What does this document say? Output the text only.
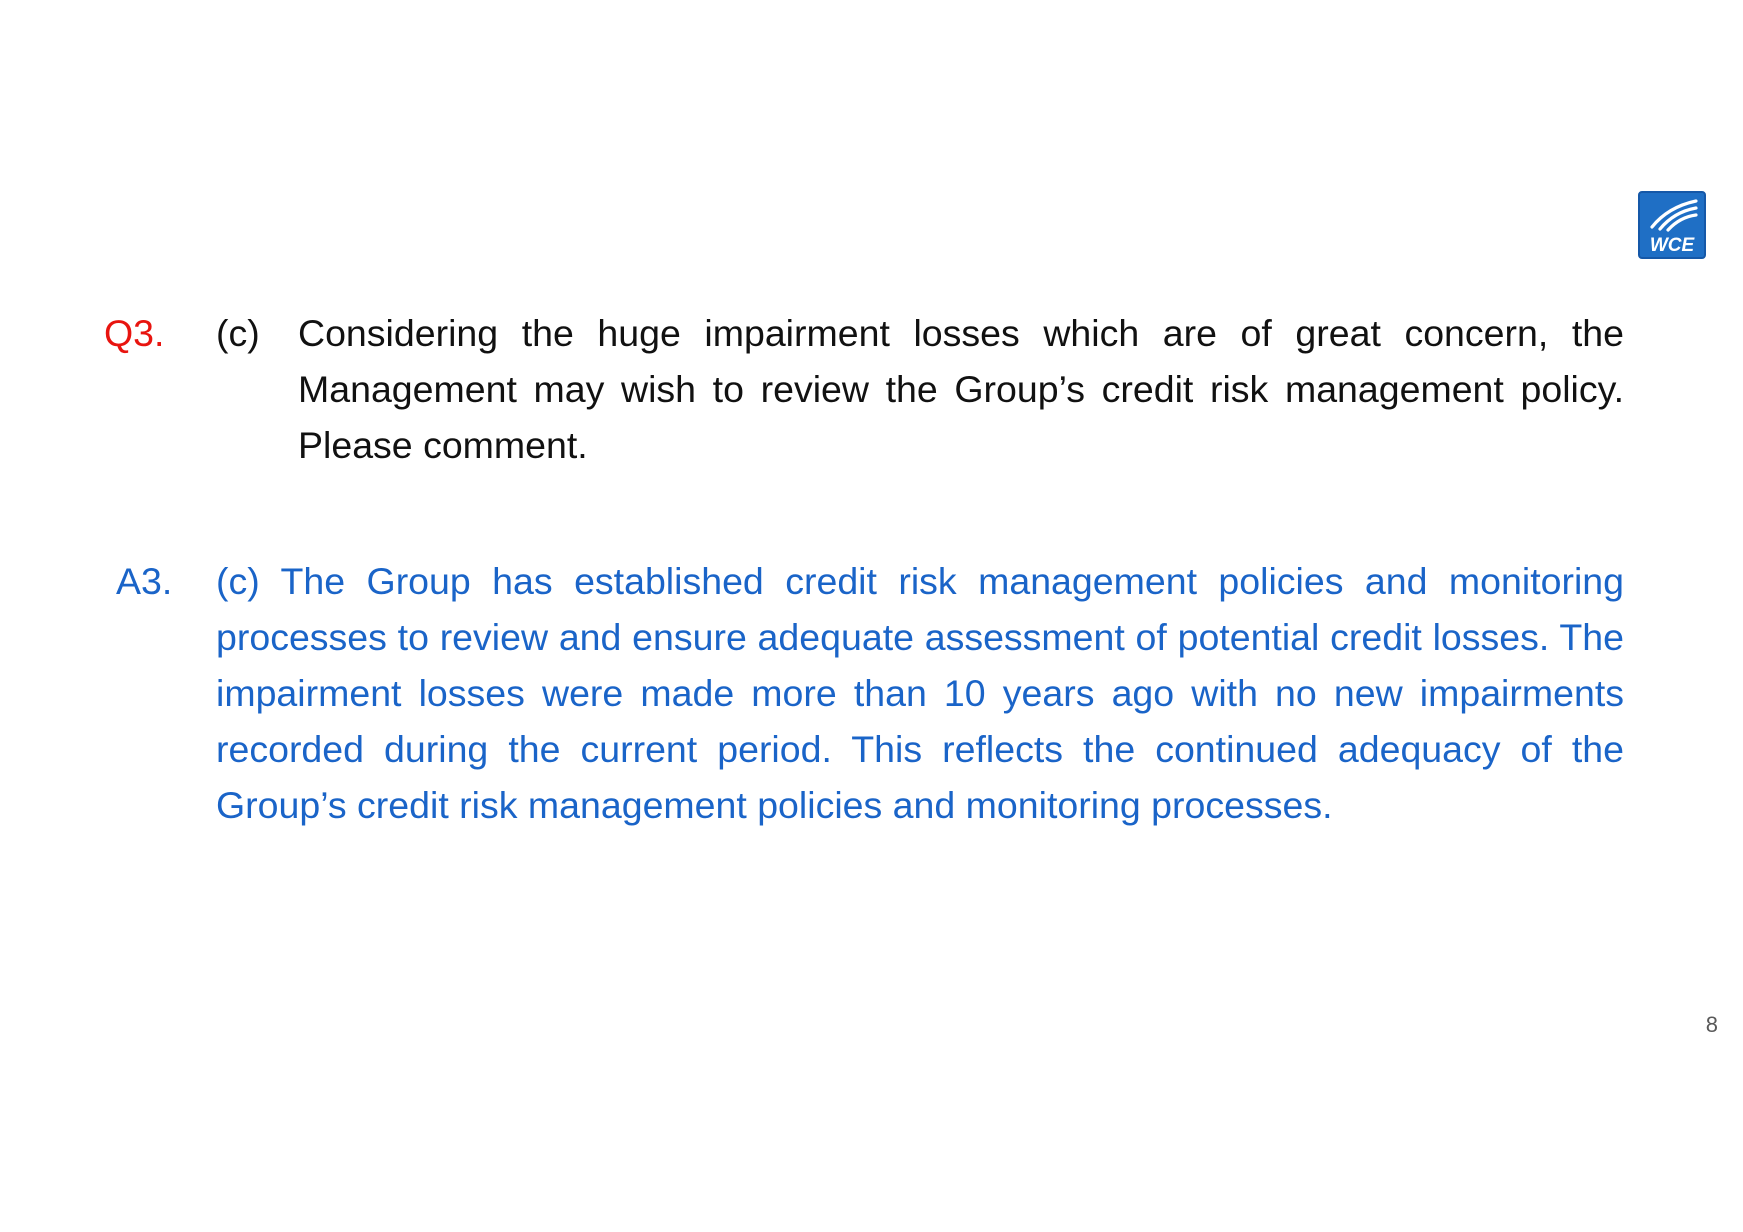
WCE
Q3. (c) Considering the huge impairment losses which are of great concern, the Management may wish to review the Group’s credit risk management policy. Please comment.
A3. (c) The Group has established credit risk management policies and monitoring processes to review and ensure adequate assessment of potential credit losses. The impairment losses were made more than 10 years ago with no new impairments recorded during the current period. This reflects the continued adequacy of the Group’s credit risk management policies and monitoring processes.
8
